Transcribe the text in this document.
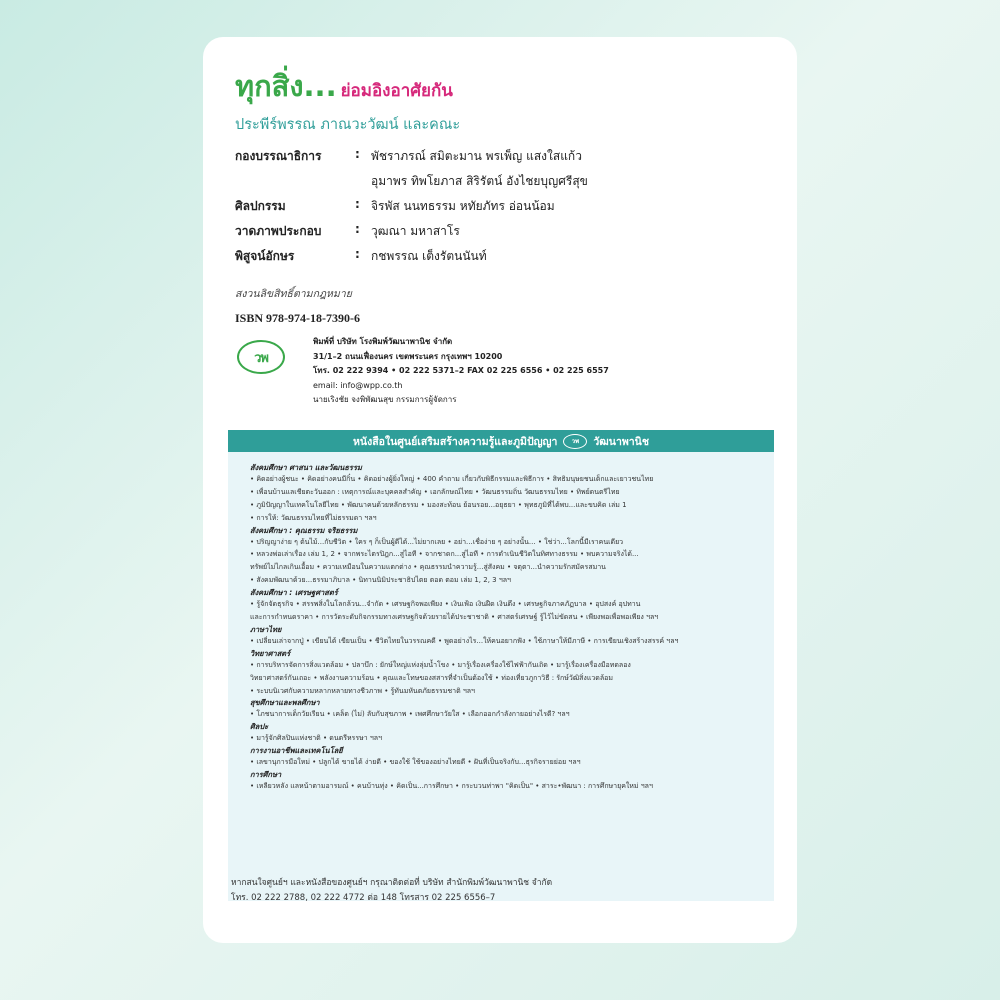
ทุกสิ่ง... ย่อมอิงอาศัยกัน
ประพีร์พรรณ ภาณวะวัฒน์ และคณะ
กองบรรณาธิการ	: พัชราภรณ์ สมิตะมาน พรเพ็ญ แสงใสแก้ว
อุมาพร ทิพโยภาส สิริรัตน์ อังไชยบุญศรีสุข
ศิลปกรรม	: จิรพัส นนทธรรม หทัยภัทร อ่อนน้อม
วาดภาพประกอบ	: วุฒณา มหาสาโร
พิสูจน์อักษร	: กชพรรณ เต็งรัตนนันท์
สงวนลิขสิทธิ์ตามกฎหมาย
ISBN 978-974-18-7390-6
วพ
พิมพ์ที่ บริษัท โรงพิมพ์วัฒนาพานิช จำกัด
31/1–2 ถนนเฟื่องนคร เขตพระนคร กรุงเทพฯ 10200
โทร. 02 222 9394 • 02 222 5371–2 FAX 02 225 6556 • 02 225 6557
email: info@wpp.co.th
นายเริงชัย จงพิพัฒนสุข กรรมการผู้จัดการ
หนังสือในศูนย์เสริมสร้างความรู้และภูมิปัญญา	วพ	วัฒนาพานิช
สังคมศึกษา ศาสนา และวัฒนธรรม
• คิดอย่างผู้ชนะ • คิดอย่างคนมีกิ๋น • คิดอย่างผู้ยิ่งใหญ่ • 400 คำถาม เกี่ยวกับพิธีกรรมและพิธีการ • สิทธิมนุษยชนเด็กและเยาวชนไทย
• เพื่อนบ้านแลเชียตะวันออก : เหตุการณ์และบุคคลสำคัญ • เอกลักษณ์ไทย • วัฒนธรรมถิ่น วัฒนธรรมไทย • ทิพย์ดนตรีไทย
• ภูมิปัญญาในเทคโนโลยีไทย • พัฒนาคนด้วยหลักธรรม • มองสะท้อน ย้อนรอย...อยุธยา • พุทธภูมิที่ได้พบ...และขบคิด เล่ม 1
• การให้: วัฒนธรรมไทยที่ไม่ธรรมดา ฯลฯ
สังคมศึกษา : คุณธรรม จริยธรรม
• ปริญญาง่าย ๆ ต้นไม้...กับชีวิต • ใคร ๆ ก็เป็นผู้ดีได้...ไม่ยากเลย • อย่า...เชื่อง่าย ๆ อย่างนั้น... • ใช่ว่า...โลกนี้มีเราคนเดียว
• หลวงพ่อเล่าเรื่อง เล่ม 1, 2 • จากพระไตรปิฎก...สู่ไอที • จากชาดก...สู่ไอที • การดำเนินชีวิตในทิศทางธรรม • พบความจริงได้...
ทรัพย์ไม่ไกลเกินเอื้อม • ความเหมือนในความแตกต่าง • คุณธรรมนำความรู้...สู่สังคม • จตุตา...นำความรักสมัครสมาน
• สังคมพัฒนาด้วย...ธรรมาภิบาล • นิทานนิมิประชาธิปไตย ตอด ตอม เล่ม 1, 2, 3 ฯลฯ
สังคมศึกษา : เศรษฐศาสตร์
• รู้จักจัดธุรกิจ • สรรพสิ่งในโลกล้วน...จำกัด • เศรษฐกิจพอเพียง • เงินเฟ้อ เงินฝืด เงินตึง • เศรษฐกิจภาคภัฏบาล • อุปสงค์ อุปทาน
และการกำหนดราคา • การวัดระดับกิจกรรมทางเศรษฐกิจด้วยรายได้ประชาชาติ • ศาสตร์เศรษฐ์ รู้ไว้ไม่ขัดสน • เพียงพอเพื่อพอเพียง ฯลฯ
ภาษาไทย
• เปลี่ยนเล่าจากปู่ • เขียนได้ เขียนเป็น • ชีวิตไทยในวรรณคดี • พูดอย่างไร...ให้คนอยากฟัง • ใช้ภาษาให้มีภาษี • การเขียนเชิงสร้างสรรค์ ฯลฯ
วิทยาศาสตร์
• การบริหารจัดการสิ่งแวดล้อม • ปลาบึก : ยักษ์ใหญ่แห่งลุ่มน้ำโขง • มารู้เรื่องเครื่องใช้ไฟฟ้ากันเถิด • มารู้เรื่องเครื่องมือทดลอง
วิทยาศาสตร์กันเถอะ • พลังงานความร้อน • คุณและโทษของสสารที่จำเป็นต้องใช้ • ท่องเที่ยวภูกาวิธี : รักษ์วัฒิสิ่งแวดล้อม
• ระบบนิเวศกับความหลากหลายทางชีวภาพ • รู้ทันมหันตภัยธรรมชาติ ฯลฯ
สุขศึกษาและพลศึกษา
• โภชนาการเด็กวัยเรียน • เคล็ด (ไม่) ลับกับสุขภาพ • เพศศึกษาวัยใส • เลือกออกกำลังกายอย่างไรดี? ฯลฯ
ศิลปะ
• มารู้จักศิลปินแห่งชาติ • ดนตรีหรรษา ฯลฯ
การงานอาชีพและเทคโนโลยี
• เลขานุการมือใหม่ • ปลูกได้ ขายได้ ง่ายดี • ของใช้ ใช้ของอย่างไทยดี • ฝันที่เป็นจริงกับ...ธุรกิจรายย่อย ฯลฯ
การศึกษา
• เหลียวหลัง แลหน้าตามอารมณ์ • คนบ้านทุ่ง • คิดเป็น...การศึกษา • กระบวนท่าพา "คิดเป็น" • สาระ•พัฒนา : การศึกษายุคใหม่ ฯลฯ
หากสนใจศูนย์ฯ และหนังสือของศูนย์ฯ กรุณาติดต่อที่ บริษัท สำนักพิมพ์วัฒนาพานิช จำกัด
โทร. 02 222 2788, 02 222 4772 ต่อ 148 โทรสาร 02 225 6556–7
